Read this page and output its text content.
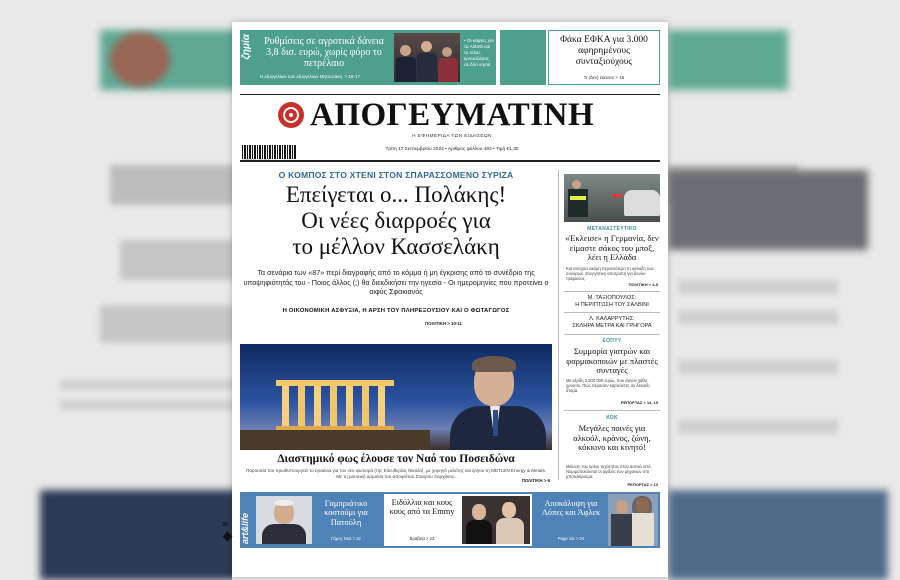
ζημία	Ρυθμίσεις σε αγροτικά δάνεια 3,8 δισ. ευρώ, χωρίς φόρο το πετρέλαιο
Η εξαγγελίων των εξαγγελιών Μητσοτάκη. > 16-17
• Οι κόφτες για τα Airbnb και το τέλος κρουαζιέρας σε δύο νησιά
Φάκα ΕΦΚΑ για 3.000 αφηρημένους συνταξιούχους
Τι (δεν) έκαναν > 15
ΑΠΟΓΕΥΜΑΤΙΝΗ
Η ΕΦΗΜΕΡΙΔΑ ΤΩΝ ΕΙΔΗΣΕΩΝ
Τρίτη 17 Σεπτεμβρίου 2024 • Αριθμός φύλλου 493 • Τιμή €1,30
Ο ΚΟΜΠΟΣ ΣΤΟ ΧΤΕΝΙ ΣΤΟΝ ΣΠΑΡΑΣΣΟΜΕΝΟ ΣΥΡΙΖΑ
Επείγεται ο... Πολάκης!
Οι νέες διαρροές για
το μέλλον Κασσελάκη
Τα σενάρια των «87» περί διαγραφής από το κόμμα ή μη έγκρισης από το συνέδριο της υποψηφιότητάς του - Ποιος άλλος (;) θα διεκδικήσει την ηγεσία - Οι ημερομηνίες που προτείνει ο αιφύς Σφακιανός
Η ΟΙΚΟΝΟΜΙΚΗ ΑΣΦΥΞΙΑ, Η ΑΡΣΗ ΤΟΥ ΠΛΗΡΕΞΟΥΣΙΟΥ ΚΑΙ Ο ΦΩΤΑΓΩΓΟΣ
ΠΟΛΙΤΙΚΗ > 10-11
Διαστημικό φως έλουσε τον Ναό του Ποσειδώνα
Παρουσία του πρωθυπουργού το εγκαίνια για τον νέο φωτισμό (της Ελευθερίας Νικολό), με χορηγό μελέτης και έργου τη METLEN Energy & Metals. Με τη μουσική αρμονία του αποφοίτου Σταύρου Ξαρχάκου.
ΠΟΛΙΤΙΚΗ > 6
ΜΕΤΑΝΑΣΤΕΥΤΙΚΟ
«Έκλεισε» η Γερμανία, δεν είμαστε σάκος του μποξ, λέει η Ελλάδα
Και ενισχύει ακόμη περισσότερο τη φύλαξη των συνόρων. Ενεργητική αποτροπή για δουλε-τράφικους.
ΠΟΛΙΤΙΚΗ > 4-5
Μ. ΤΑΞΙΟΠΟΥΛΟΣ:
Η ΠΕΡΙΠΤΩΣΗ ΤΟΥ ΣΑΛΒΙΝΙ
Λ. ΚΑΛΑΡΡΥΤΗΣ:
ΣΚΛΗΡΑ ΜΕΤΡΑ ΚΑΙ ΓΡΗΓΟΡΑ
ΕΟΠΥΥ
Συμμορία γιατρών και φαρμακοποιών με πλαστές συνταγές
Με κέρδη 3.500.000 ευρώ, που έγιναν χάθο χρυσού. Πώς πέρασαν καρτελέτες σε δεκαέξι άτομα.
ΡΕΠΟΡΤΑΖ > 14, 19
ΚΟΚ
Μεγάλες ποινές για αλκοόλ, κράνος, ζώνη, κόκκινο και κινητό!
Μείωση του ορίου ταχύτητας στον αστικό ιστό. Νομιμοποιούνται οι αφίξεις των μηχανών στο μποτιλιάρισμα.
ΡΕΠΟΡΤΑΖ > 13
art&life
Γαμπριάτικο κοστούμι για Πατούλη
Γάμος Νο2 > 22
Ειδύλλια και κους κους από τα Emmy
Βραβεία > 23
Αποκάλυψη για Λόπες και Άφλεκ
Page Six > 24
30
